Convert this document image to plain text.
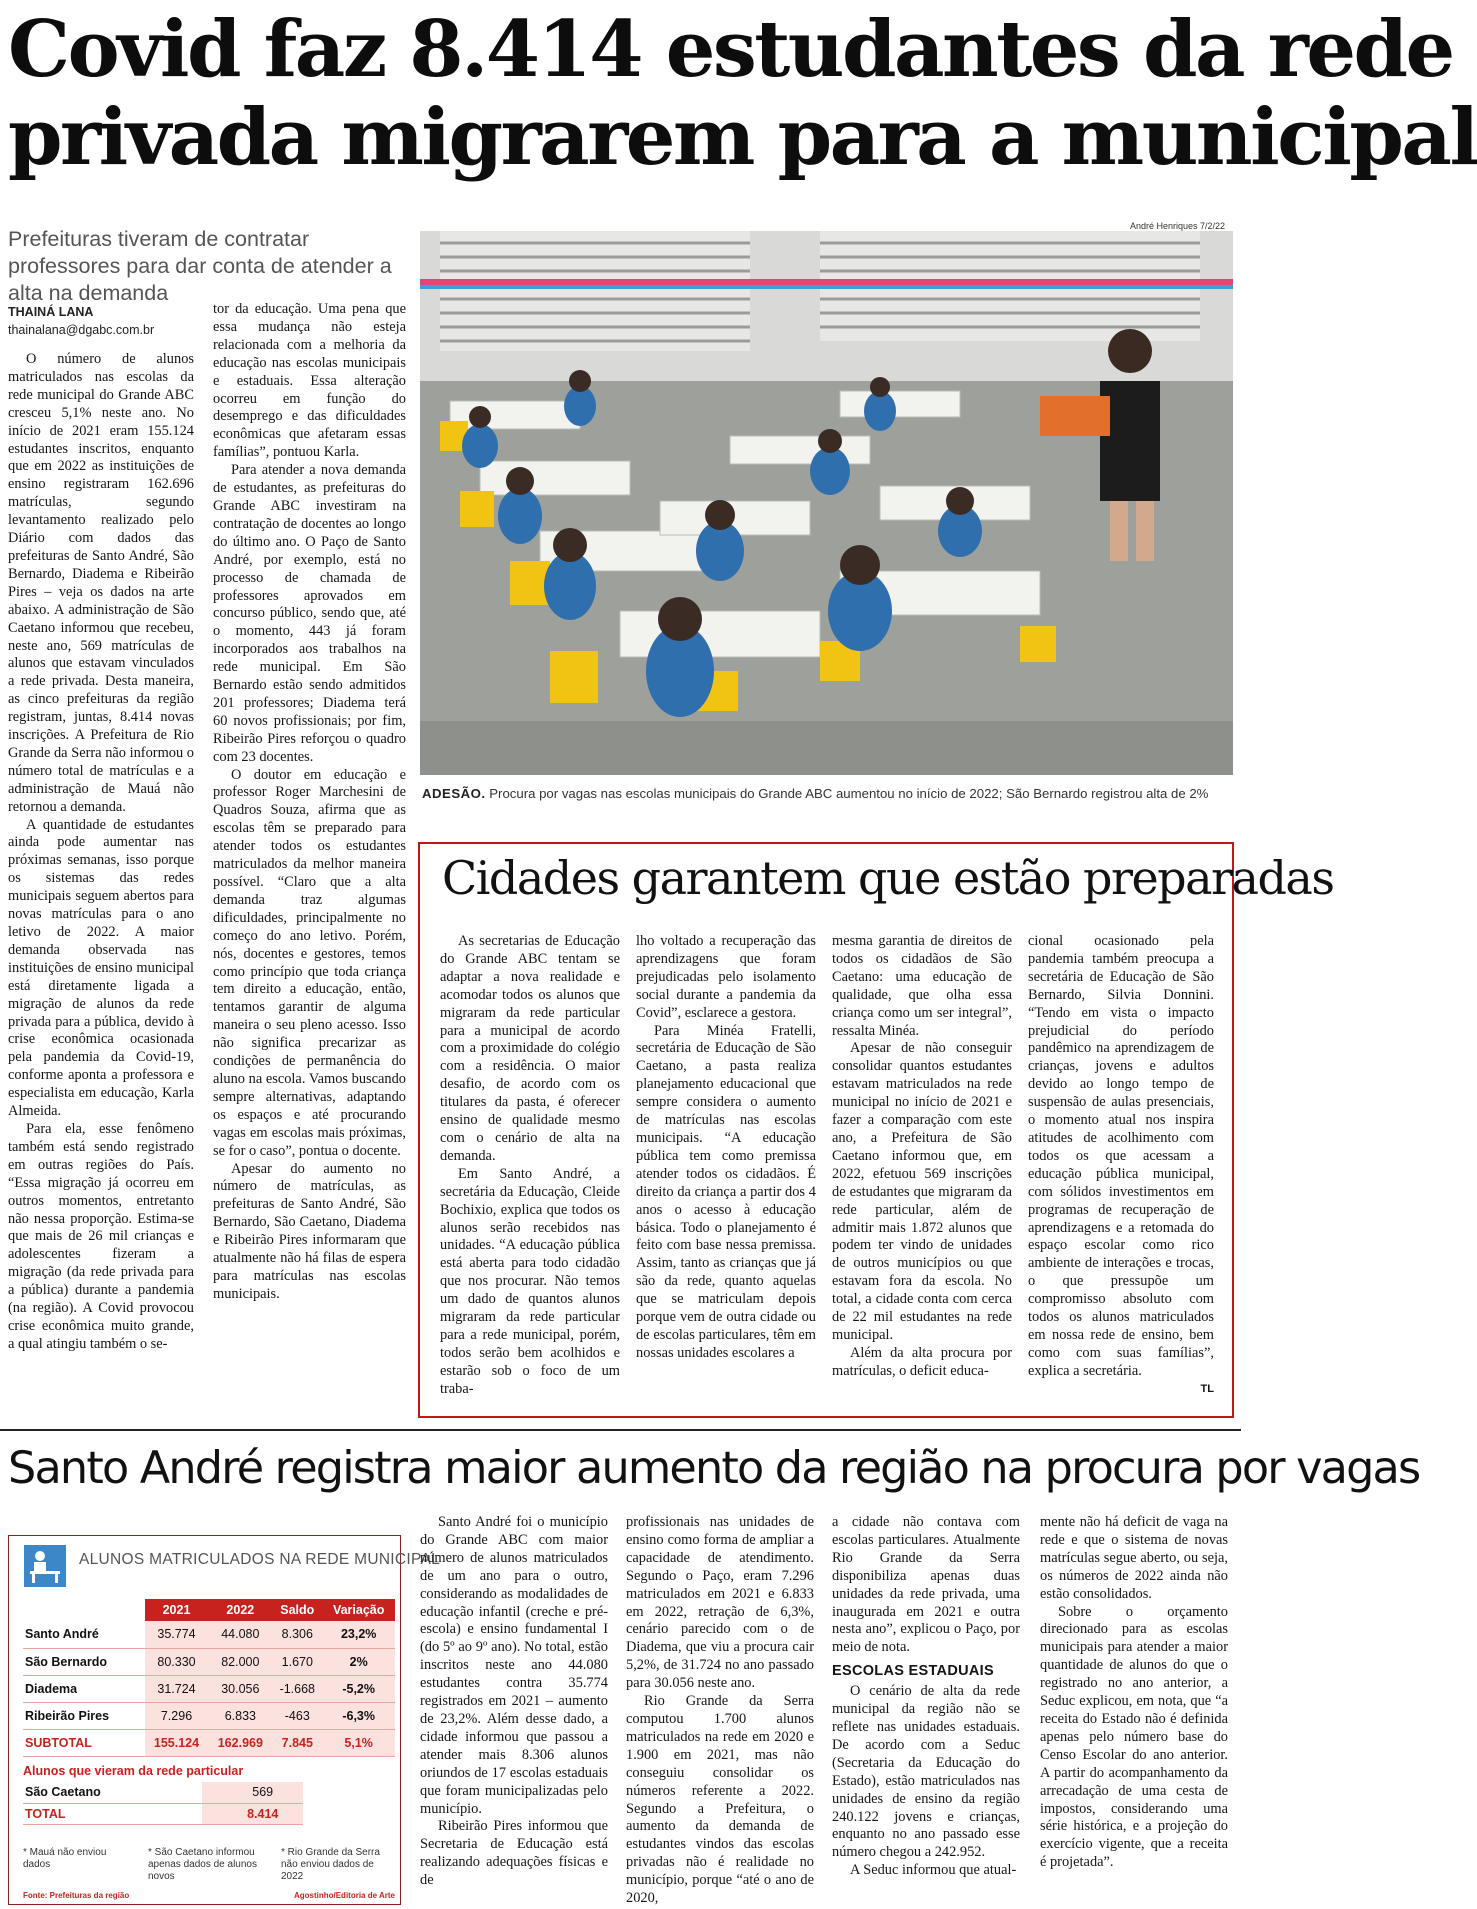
Covid faz 8.414 estudantes da rede
privada migrarem para a municipal
Prefeituras tiveram de contratar professores para dar conta de atender a alta na demanda
THAINÁ LANA
thainalana@dgabc.com.br

O número de alunos matriculados nas escolas da rede municipal do Grande ABC cresceu 5,1% neste ano. No início de 2021 eram 155.124 estudantes inscritos, enquanto que em 2022 as instituições de ensino registraram 162.696 matrículas, segundo levantamento realizado pelo Diário com dados das prefeituras de Santo André, São Bernardo, Diadema e Ribeirão Pires – veja os dados na arte abaixo. A administração de São Caetano informou que recebeu, neste ano, 569 matrículas de alunos que estavam vinculados a rede privada. Desta maneira, as cinco prefeituras da região registram, juntas, 8.414 novas inscrições. A Prefeitura de Rio Grande da Serra não informou o número total de matrículas e a administração de Mauá não retornou a demanda.

A quantidade de estudantes ainda pode aumentar nas próximas semanas, isso porque os sistemas das redes municipais seguem abertos para novas matrículas para o ano letivo de 2022. A maior demanda observada nas instituições de ensino municipal está diretamente ligada a migração de alunos da rede privada para a pública, devido à crise econômica ocasionada pela pandemia da Covid-19, conforme aponta a professora e especialista em educação, Karla Almeida.

Para ela, esse fenômeno também está sendo registrado em outras regiões do País. “Essa migração já ocorreu em outros momentos, entretanto não nessa proporção. Estima-se que mais de 26 mil crianças e adolescentes fizeram a migração (da rede privada para a pública) durante a pandemia (na região). A Covid provocou crise econômica muito grande, a qual atingiu também o se-

tor da educação. Uma pena que essa mudança não esteja relacionada com a melhoria da educação nas escolas municipais e estaduais. Essa alteração ocorreu em função do desemprego e das dificuldades econômicas que afetaram essas famílias”, pontuou Karla.

Para atender a nova demanda de estudantes, as prefeituras do Grande ABC investiram na contratação de docentes ao longo do último ano. O Paço de Santo André, por exemplo, está no processo de chamada de professores aprovados em concurso público, sendo que, até o momento, 443 já foram incorporados aos trabalhos na rede municipal. Em São Bernardo estão sendo admitidos 201 professores; Diadema terá 60 novos profissionais; por fim, Ribeirão Pires reforçou o quadro com 23 docentes.

O doutor em educação e professor Roger Marchesini de Quadros Souza, afirma que as escolas têm se preparado para atender todos os estudantes matriculados da melhor maneira possível. “Claro que a alta demanda traz algumas dificuldades, principalmente no começo do ano letivo. Porém, nós, docentes e gestores, temos como princípio que toda criança tem direito a educação, então, tentamos garantir de alguma maneira o seu pleno acesso. Isso não significa precarizar as condições de permanência do aluno na escola. Vamos buscando sempre alternativas, adaptando os espaços e até procurando vagas em escolas mais próximas, se for o caso”, pontua o docente.

Apesar do aumento no número de matrículas, as prefeituras de Santo André, São Bernardo, São Caetano, Diadema e Ribeirão Pires informaram que atualmente não há filas de espera para matrículas nas escolas municipais.

André Henriques 7/2/22
ADESÃO. Procura por vagas nas escolas municipais do Grande ABC aumentou no início de 2022; São Bernardo registrou alta de 2%
Cidades garantem que estão preparadas

As secretarias de Educação do Grande ABC tentam se adaptar a nova realidade e acomodar todos os alunos que migraram da rede particular para a municipal de acordo com a proximidade do colégio com a residência. O maior desafio, de acordo com os titulares da pasta, é oferecer ensino de qualidade mesmo com o cenário de alta na demanda.

Em Santo André, a secretária da Educação, Cleide Bochixio, explica que todos os alunos serão recebidos nas unidades. “A educação pública está aberta para todo cidadão que nos procurar. Não temos um dado de quantos alunos migraram da rede particular para a rede municipal, porém, todos serão bem acolhidos e estarão sob o foco de um traba-

lho voltado a recuperação das aprendizagens que foram prejudicadas pelo isolamento social durante a pandemia da Covid”, esclarece a gestora.

Para Minéa Fratelli, secretária de Educação de São Caetano, a pasta realiza planejamento educacional que sempre considera o aumento de matrículas nas escolas municipais. “A educação pública tem como premissa atender todos os cidadãos. É direito da criança a partir dos 4 anos o acesso à educação básica. Todo o planejamento é feito com base nessa premissa. Assim, tanto as crianças que já são da rede, quanto aquelas que se matriculam depois porque vem de outra cidade ou de escolas particulares, têm em nossas unidades escolares a

mesma garantia de direitos de todos os cidadãos de São Caetano: uma educação de qualidade, que olha essa criança como um ser integral”, ressalta Minéa.

Apesar de não conseguir consolidar quantos estudantes estavam matriculados na rede municipal no início de 2021 e fazer a comparação com este ano, a Prefeitura de São Caetano informou que, em 2022, efetuou 569 inscrições de estudantes que migraram da rede particular, além de admitir mais 1.872 alunos que podem ter vindo de unidades de outros municípios ou que estavam fora da escola. No total, a cidade conta com cerca de 22 mil estudantes na rede municipal.

Além da alta procura por matrículas, o deficit educa-

cional ocasionado pela pandemia também preocupa a secretária de Educação de São Bernardo, Silvia Donnini. “Tendo em vista o impacto prejudicial do período pandêmico na aprendizagem de crianças, jovens e adultos devido ao longo tempo de suspensão de aulas presenciais, o momento atual nos inspira atitudes de acolhimento com todos os que acessam a educação pública municipal, com sólidos investimentos em programas de recuperação de aprendizagens e a retomada do espaço escolar como rico ambiente de interações e trocas, o que pressupõe um compromisso absoluto com todos os alunos matriculados em nossa rede de ensino, bem como com suas famílias”, explica a secretária.

TL
Santo André registra maior aumento da região na procura por vagas
ALUNOS MATRICULADOS NA REDE MUNICIPAL
	2021	2022	Saldo	Variação
Santo André	35.774	44.080	8.306	23,2%
São Bernardo	80.330	82.000	1.670	2%
Diadema	31.724	30.056	-1.668	-5,2%
Ribeirão Pires	7.296	6.833	-463	-6,3%
SUBTOTAL	155.124	162.969	7.845	5,1%
Alunos que vieram da rede particular
São Caetano		569
TOTAL		8.414
* Mauá não enviou dados
* São Caetano informou apenas dados de alunos novos
* Rio Grande da Serra não enviou dados de 2022
Fonte: Prefeituras da região	Agostinho/Editoria de Arte

Santo André foi o município do Grande ABC com maior número de alunos matriculados de um ano para o outro, considerando as modalidades de educação infantil (creche e pré-escola) e ensino fundamental I (do 5º ao 9º ano). No total, estão inscritos neste ano 44.080 estudantes contra 35.774 registrados em 2021 – aumento de 23,2%. Além desse dado, a cidade informou que passou a atender mais 8.306 alunos oriundos de 17 escolas estaduais que foram municipalizadas pelo município.

Ribeirão Pires informou que Secretaria de Educação está realizando adequações físicas e de

profissionais nas unidades de ensino como forma de ampliar a capacidade de atendimento. Segundo o Paço, eram 7.296 matriculados em 2021 e 6.833 em 2022, retração de 6,3%, cenário parecido com o de Diadema, que viu a procura cair 5,2%, de 31.724 no ano passado para 30.056 neste ano.

Rio Grande da Serra computou 1.700 alunos matriculados na rede em 2020 e 1.900 em 2021, mas não conseguiu consolidar os números referente a 2022. Segundo a Prefeitura, o aumento da demanda de estudantes vindos das escolas privadas não é realidade no município, porque “até o ano de 2020,

a cidade não contava com escolas particulares. Atualmente Rio Grande da Serra disponibiliza apenas duas unidades da rede privada, uma inaugurada em 2021 e outra nesta ano”, explicou o Paço, por meio de nota.

ESCOLAS ESTADUAIS

O cenário de alta da rede municipal da região não se reflete nas unidades estaduais. De acordo com a Seduc (Secretaria da Educação do Estado), estão matriculados nas unidades de ensino da região 240.122 jovens e crianças, enquanto no ano passado esse número chegou a 242.952.

A Seduc informou que atual-

mente não há deficit de vaga na rede e que o sistema de novas matrículas segue aberto, ou seja, os números de 2022 ainda não estão consolidados.

Sobre o orçamento direcionado para as escolas municipais para atender a maior quantidade de alunos do que o registrado no ano anterior, a Seduc explicou, em nota, que “a receita do Estado não é definida apenas pelo número base do Censo Escolar do ano anterior. A partir do acompanhamento da arrecadação de uma cesta de impostos, considerando uma série histórica, e a projeção do exercício vigente, que a receita é projetada”.
